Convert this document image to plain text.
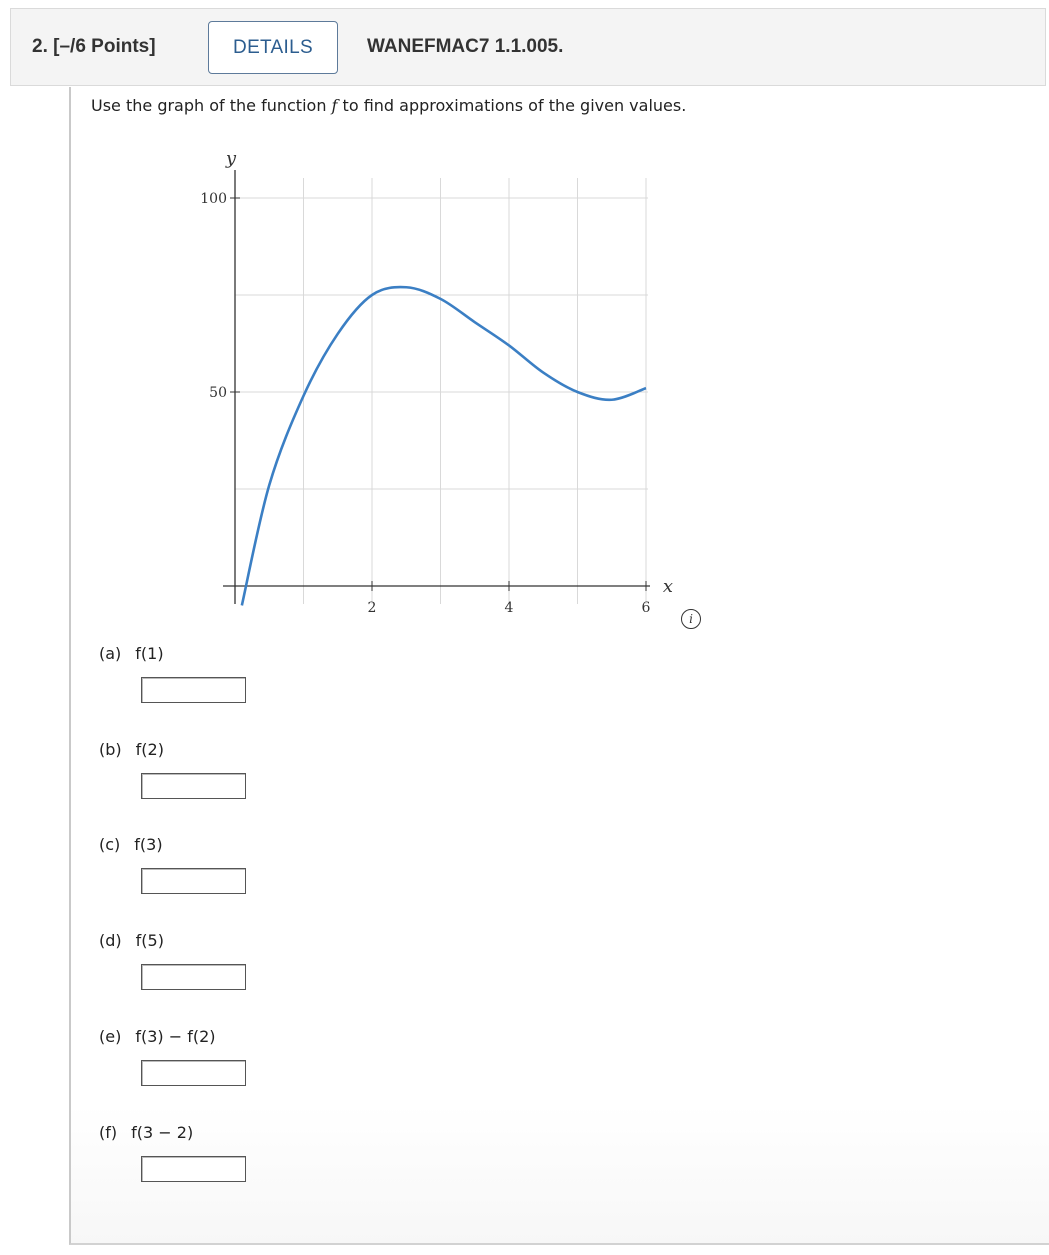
2. [–/6 Points]	DETAILS	WANEFMAC7 1.1.005.
Use the graph of the function f to find approximations of the given values.
2	4	6
50
100
y
x
i
(a) f(1)
(b) f(2)
(c) f(3)
(d) f(5)
(e) f(3) − f(2)
(f) f(3 − 2)
